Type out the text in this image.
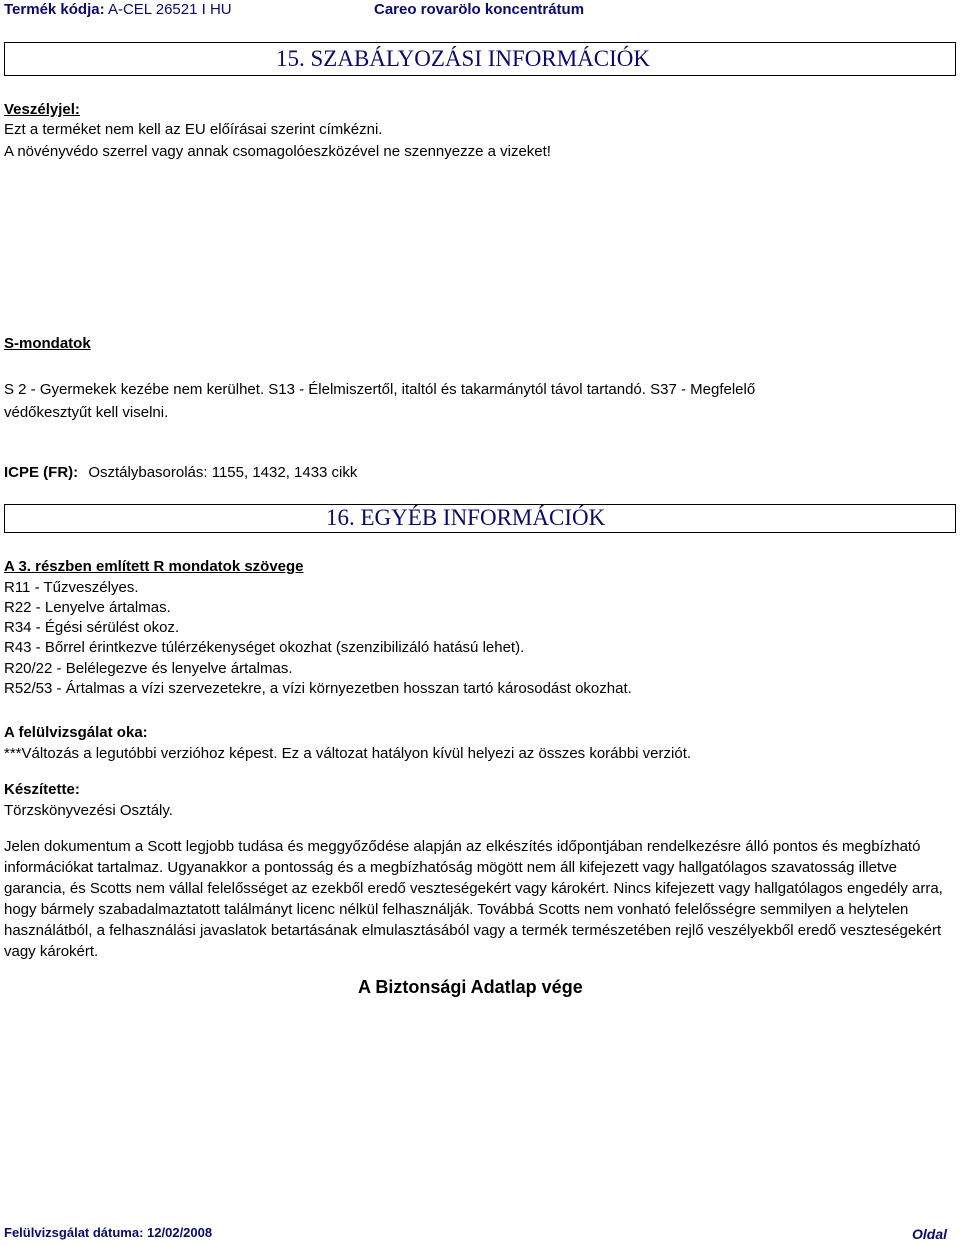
Termék kódja: A-CEL 26521 I HU	Careo rovarölo koncentrátum
15. SZABÁLYOZÁSI INFORMÁCIÓK
Veszélyjel:
Ezt a terméket nem kell az EU előírásai szerint címkézni.
A növényvédo szerrel vagy annak csomagolóeszközével ne szennyezze a vizeket!
S-mondatok
S 2 - Gyermekek kezébe nem kerülhet. S13 - Élelmiszertől, italtól és takarmánytól távol tartandó. S37 - Megfelelő
védőkesztyűt kell viselni.
ICPE (FR): Osztálybasorolás: 1155, 1432, 1433 cikk
16. EGYÉB INFORMÁCIÓK
A 3. részben említett R mondatok szövege
R11 - Tűzveszélyes.
R22 - Lenyelve ártalmas.
R34 - Égési sérülést okoz.
R43 - Bőrrel érintkezve túlérzékenységet okozhat (szenzibilizáló hatású lehet).
R20/22 - Belélegezve és lenyelve ártalmas.
R52/53 - Ártalmas a vízi szervezetekre, a vízi környezetben hosszan tartó károsodást okozhat.
A felülvizsgálat oka:
***Változás a legutóbbi verzióhoz képest. Ez a változat hatályon kívül helyezi az összes korábbi verziót.
Készítette:
Törzskönyvezési Osztály.

Jelen dokumentum a Scott legjobb tudása és meggyőződése alapján az elkészítés időpontjában rendelkezésre álló pontos és megbízható információkat tartalmaz. Ugyanakkor a pontosság és a megbízhatóság mögött nem áll kifejezett vagy hallgatólagos szavatosság illetve garancia, és Scotts nem vállal felelősséget az ezekből eredő veszteségekért vagy károkért. Nincs kifejezett vagy hallgatólagos engedély arra, hogy bármely szabadalmaztatott találmányt licenc nélkül felhasználják. Továbbá Scotts nem vonható felelősségre semmilyen a helytelen használátból, a felhasználási javaslatok betartásának elmulasztásából vagy a termék természetében rejlő veszélyekből eredő veszteségekért vagy károkért.

A Biztonsági Adatlap vége
Felülvizsgálat dátuma: 12/02/2008	Oldal
